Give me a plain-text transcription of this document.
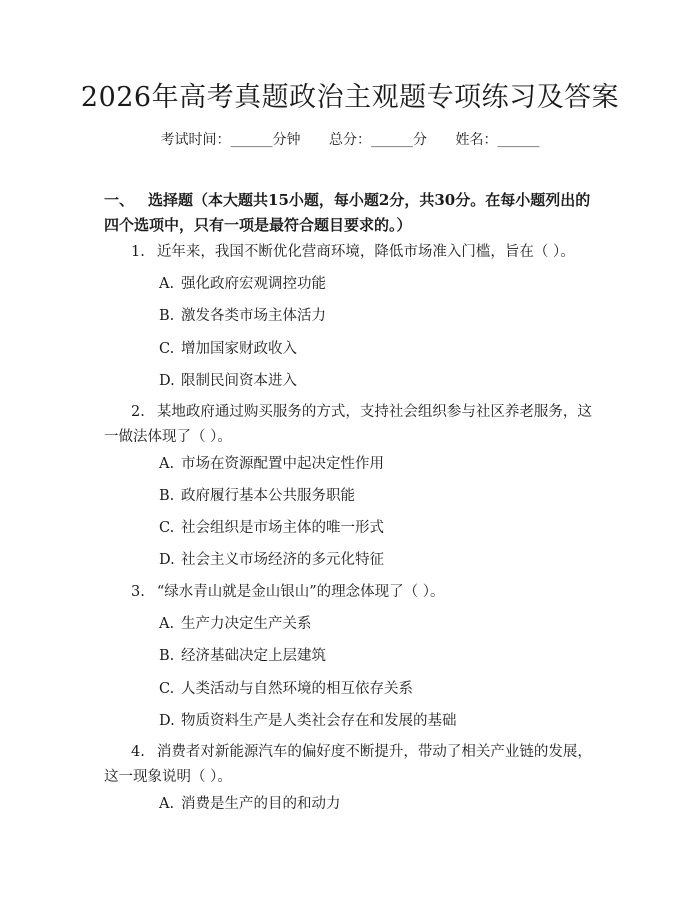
2026年高考真题政治主观题专项练习及答案
考试时间：______分钟 总分：______分 姓名：______
一、 选择题（本大题共15小题，每小题2分，共30分。在每小题列出的四个选项中，只有一项是最符合题目要求的。）
1. 近年来，我国不断优化营商环境，降低市场准入门槛，旨在（ ）。
A. 强化政府宏观调控功能
B. 激发各类市场主体活力
C. 增加国家财政收入
D. 限制民间资本进入
2. 某地政府通过购买服务的方式，支持社会组织参与社区养老服务，这一做法体现了（ ）。
A. 市场在资源配置中起决定性作用
B. 政府履行基本公共服务职能
C. 社会组织是市场主体的唯一形式
D. 社会主义市场经济的多元化特征
3. “绿水青山就是金山银山”的理念体现了（ ）。
A. 生产力决定生产关系
B. 经济基础决定上层建筑
C. 人类活动与自然环境的相互依存关系
D. 物质资料生产是人类社会存在和发展的基础
4. 消费者对新能源汽车的偏好度不断提升，带动了相关产业链的发展，这一现象说明（ ）。
A. 消费是生产的目的和动力
